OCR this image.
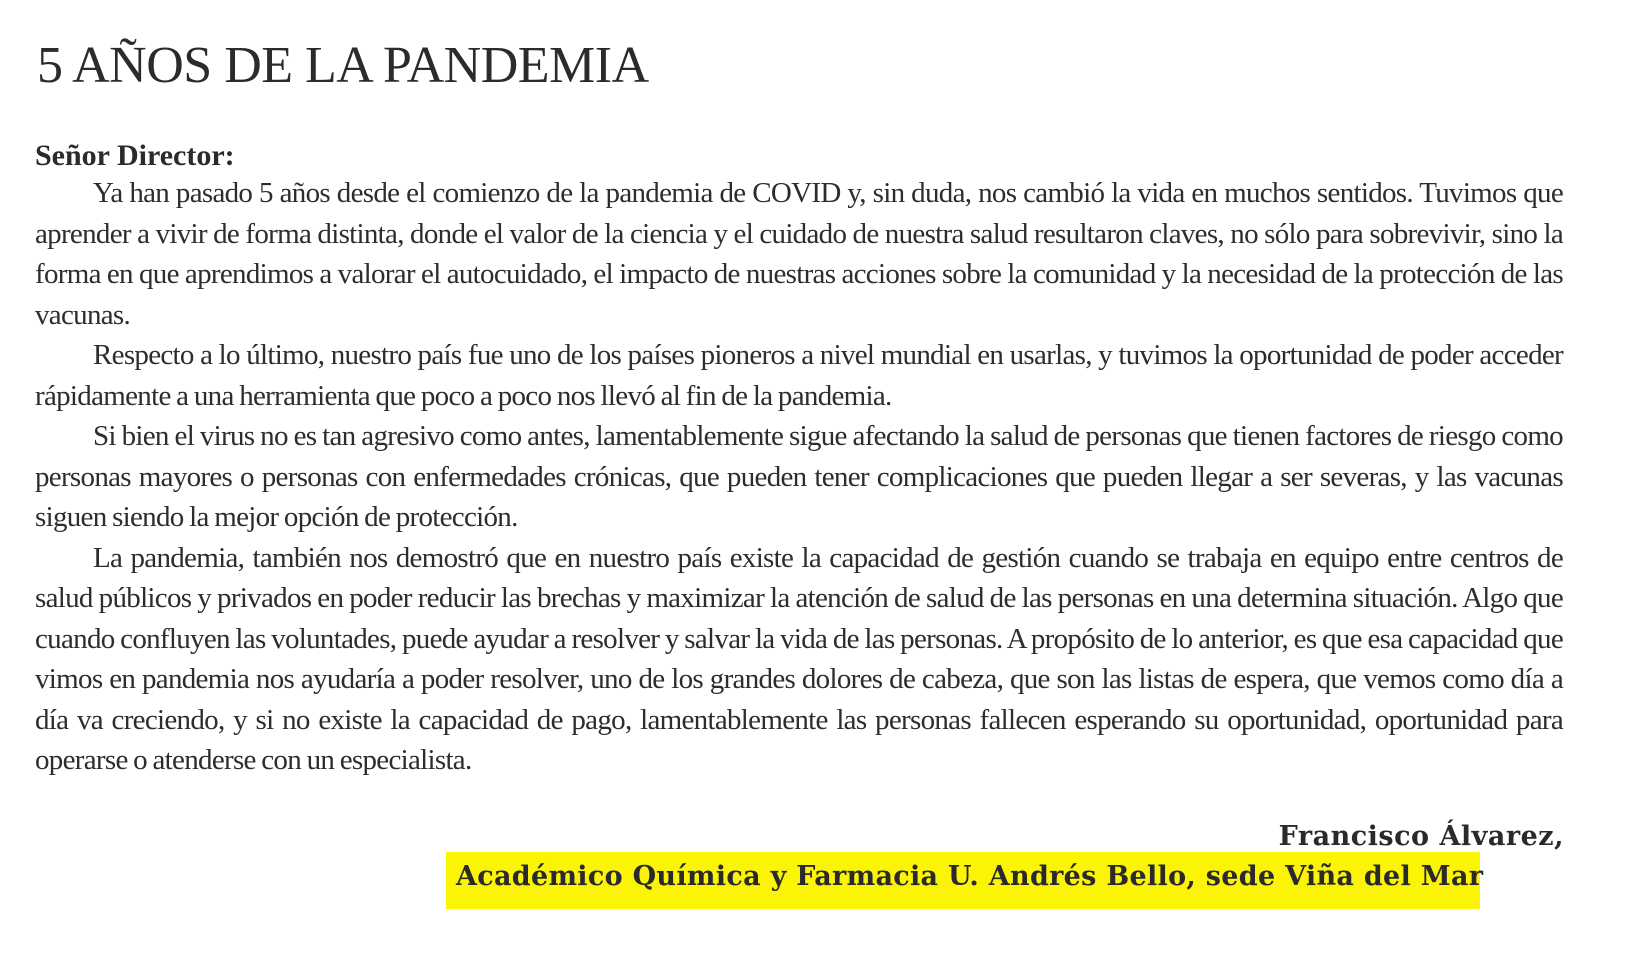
5 AÑOS DE LA PANDEMIA

Señor Director:

Ya han pasado 5 años desde el comienzo de la pandemia de COVID y, sin duda, nos cambió la vida en muchos sentidos. Tuvimos que aprender a vivir de forma distinta, donde el valor de la ciencia y el cuidado de nuestra salud resultaron claves, no sólo para sobrevivir, sino la forma en que aprendimos a valorar el autocuidado, el impacto de nuestras acciones sobre la comunidad y la necesidad de la protección de las vacunas.

Respecto a lo último, nuestro país fue uno de los países pioneros a nivel mundial en usarlas, y tuvimos la oportunidad de poder acceder rápidamente a una herramienta que poco a poco nos llevó al fin de la pandemia.

Si bien el virus no es tan agresivo como antes, lamentablemente sigue afectando la salud de personas que tienen factores de riesgo como personas mayores o personas con enfermedades crónicas, que pueden tener complicaciones que pueden llegar a ser severas, y las vacunas siguen siendo la mejor opción de protección.

La pandemia, también nos demostró que en nuestro país existe la capacidad de gestión cuando se trabaja en equipo entre centros de salud públicos y privados en poder reducir las brechas y maximizar la atención de salud de las personas en una determina situación. Algo que cuando confluyen las voluntades, puede ayudar a resolver y salvar la vida de las personas. A propósito de lo anterior, es que esa capacidad que vimos en pandemia nos ayudaría a poder resolver, uno de los grandes dolores de cabeza, que son las listas de espera, que vemos como día a día va creciendo, y si no existe la capacidad de pago, lamentablemente las personas fallecen esperando su oportunidad, oportunidad para operarse o atenderse con un especialista.

Francisco Álvarez,
Académico Química y Farmacia U. Andrés Bello, sede Viña del Mar
